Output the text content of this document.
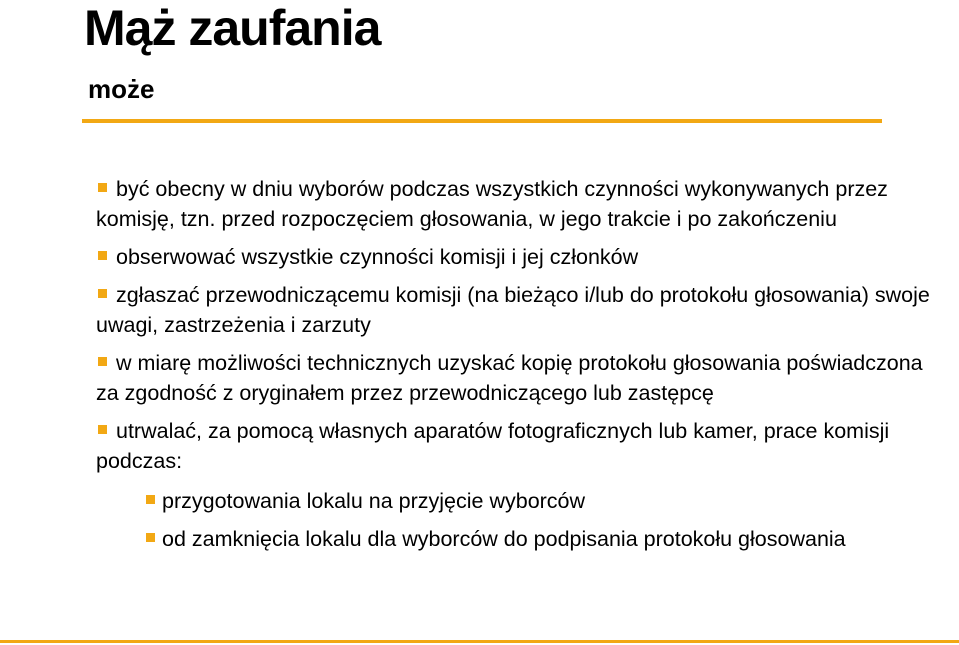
Mąż zaufania
może
być obecny w dniu wyborów podczas wszystkich czynności wykonywanych przez komisję, tzn. przed rozpoczęciem głosowania, w jego trakcie i po zakończeniu
obserwować wszystkie czynności komisji i jej członków
zgłaszać przewodniczącemu komisji (na bieżąco i/lub do protokołu głosowania) swoje uwagi, zastrzeżenia i zarzuty
w miarę możliwości technicznych uzyskać kopię protokołu głosowania poświadczona za zgodność z oryginałem przez przewodniczącego lub zastępcę
utrwalać, za pomocą własnych aparatów fotograficznych lub kamer, prace komisji podczas:
przygotowania lokalu na przyjęcie wyborców
od zamknięcia lokalu dla wyborców do podpisania protokołu głosowania
